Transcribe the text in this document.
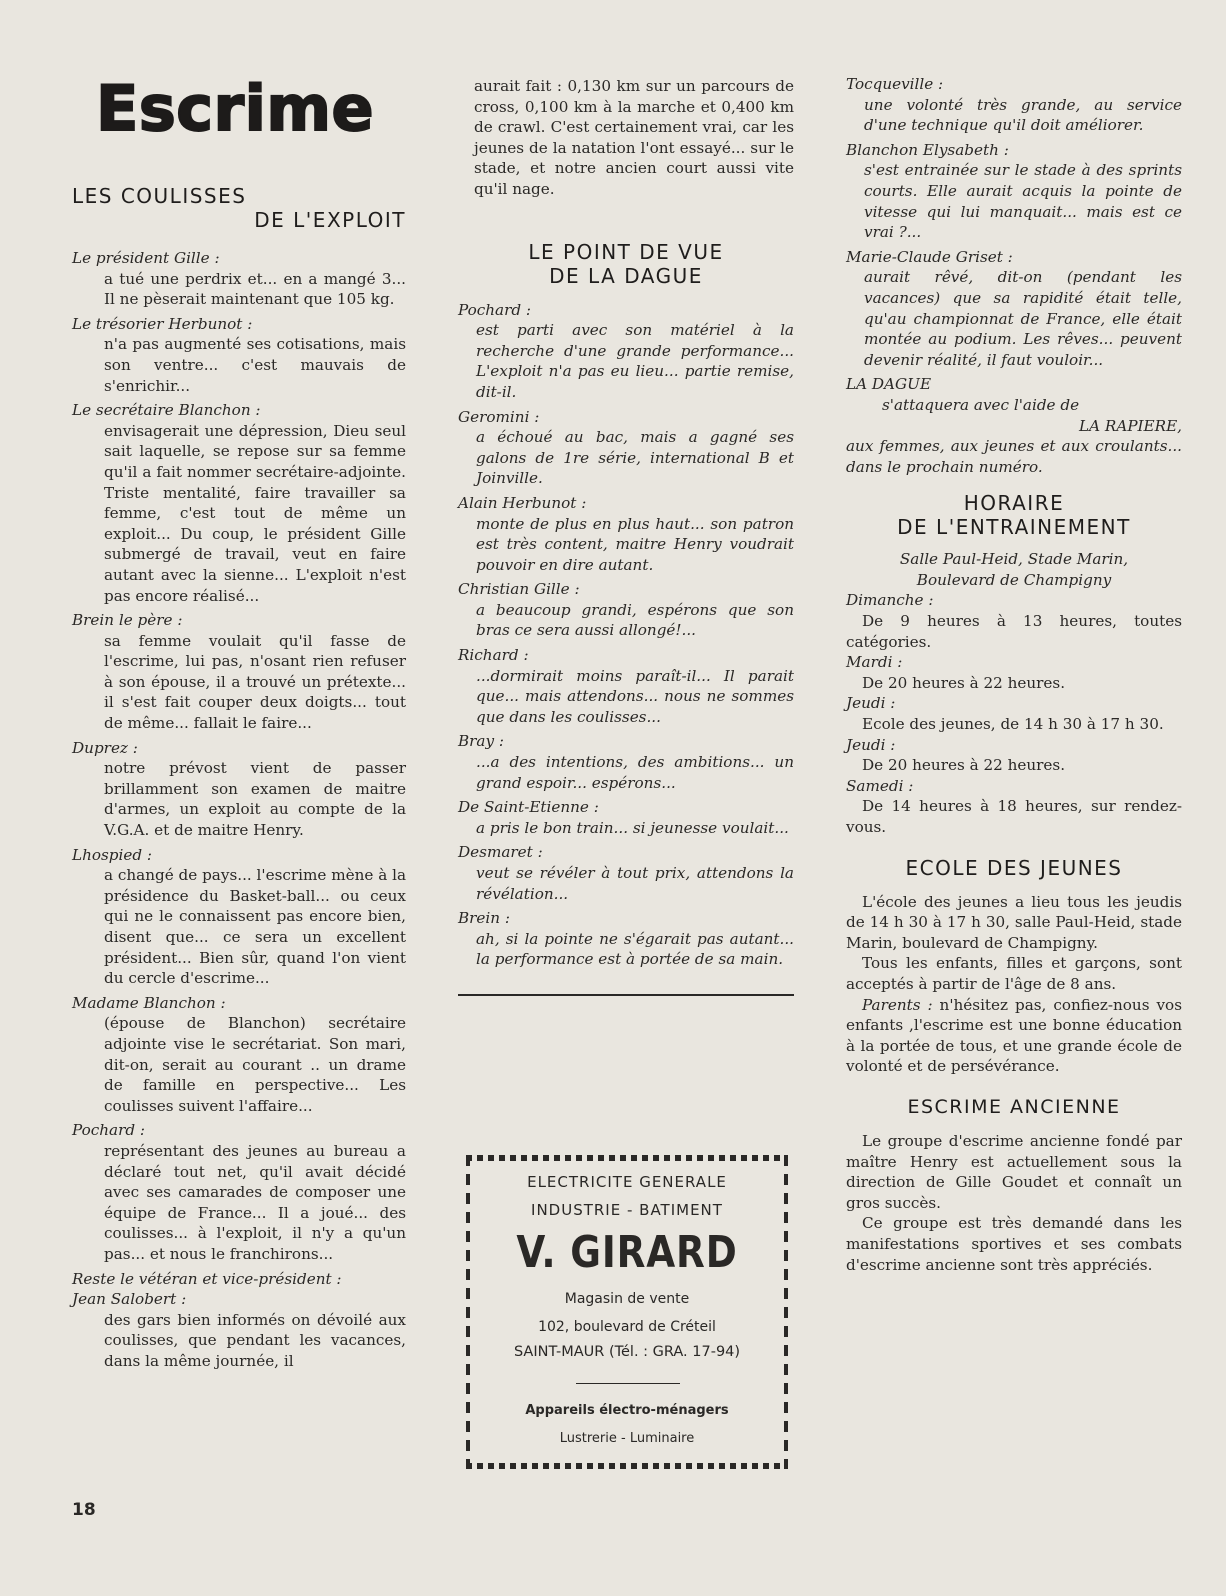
Escrime
LES COULISSES
DE L'EXPLOIT
Le président Gille :
a tué une perdrix et... en a mangé 3... Il ne pèserait maintenant que 105 kg.
Le trésorier Herbunot :
n'a pas augmenté ses cotisations, mais son ventre... c'est mauvais de s'enrichir...
Le secrétaire Blanchon :
envisagerait une dépression, Dieu seul sait laquelle, se repose sur sa femme qu'il a fait nommer secrétaire-adjointe. Triste mentalité, faire travailler sa femme, c'est tout de même un exploit... Du coup, le président Gille submergé de travail, veut en faire autant avec la sienne... L'exploit n'est pas encore réalisé...
Brein le père :
sa femme voulait qu'il fasse de l'escrime, lui pas, n'osant rien refuser à son épouse, il a trouvé un prétexte... il s'est fait couper deux doigts... tout de même... fallait le faire...
Duprez :
notre prévost vient de passer brillamment son examen de maitre d'armes, un exploit au compte de la V.G.A. et de maitre Henry.
Lhospied :
a changé de pays... l'escrime mène à la présidence du Basket-ball... ou ceux qui ne le connaissent pas encore bien, disent que... ce sera un excellent président... Bien sûr, quand l'on vient du cercle d'escrime...
Madame Blanchon :
(épouse de Blanchon) secrétaire adjointe vise le secrétariat. Son mari, dit-on, serait au courant .. un drame de famille en perspective... Les coulisses suivent l'affaire...
Pochard :
représentant des jeunes au bureau a déclaré tout net, qu'il avait décidé avec ses camarades de composer une équipe de France... Il a joué... des coulisses... à l'exploit, il n'y a qu'un pas... et nous le franchirons...
Reste le vétéran et vice-président :
Jean Salobert :
des gars bien informés on dévoilé aux coulisses, que pendant les vacances, dans la même journée, il
aurait fait : 0,130 km sur un parcours de cross, 0,100 km à la marche et 0,400 km de crawl. C'est certainement vrai, car les jeunes de la natation l'ont essayé... sur le stade, et notre ancien court aussi vite qu'il nage.
LE POINT DE VUE
DE LA DAGUE
Pochard :
est parti avec son matériel à la recherche d'une grande performance... L'exploit n'a pas eu lieu... partie remise, dit-il.
Geromini :
a échoué au bac, mais a gagné ses galons de 1re série, international B et Joinville.
Alain Herbunot :
monte de plus en plus haut... son patron est très content, maitre Henry voudrait pouvoir en dire autant.
Christian Gille :
a beaucoup grandi, espérons que son bras ce sera aussi allongé!...
Richard :
...dormirait moins paraît-il... Il parait que... mais attendons... nous ne sommes que dans les coulisses...
Bray :
...a des intentions, des ambitions... un grand espoir... espérons...
De Saint-Etienne :
a pris le bon train... si jeunesse voulait...
Desmaret :
veut se révéler à tout prix, attendons la révélation...
Brein :
ah, si la pointe ne s'égarait pas autant... la performance est à portée de sa main.
ELECTRICITE GENERALE
INDUSTRIE - BATIMENT
V. GIRARD
Magasin de vente
102, boulevard de Créteil
SAINT-MAUR (Tél. : GRA. 17-94)
Appareils électro-ménagers
Lustrerie - Luminaire
Tocqueville :
une volonté très grande, au service d'une technique qu'il doit améliorer.
Blanchon Elysabeth :
s'est entrainée sur le stade à des sprints courts. Elle aurait acquis la pointe de vitesse qui lui manquait... mais est ce vrai ?...
Marie-Claude Griset :
aurait rêvé, dit-on (pendant les vacances) que sa rapidité était telle, qu'au championnat de France, elle était montée au podium. Les rêves... peuvent devenir réalité, il faut vouloir...
LA DAGUE
s'attaquera avec l'aide de
LA RAPIERE,
aux femmes, aux jeunes et aux croulants... dans le prochain numéro.
HORAIRE
DE L'ENTRAINEMENT
Salle Paul-Heid, Stade Marin,
Boulevard de Champigny
Dimanche :
De 9 heures à 13 heures, toutes catégories.
Mardi :
De 20 heures à 22 heures.
Jeudi :
Ecole des jeunes, de 14 h 30 à 17 h 30.
Jeudi :
De 20 heures à 22 heures.
Samedi :
De 14 heures à 18 heures, sur rendez-vous.
ECOLE DES JEUNES
L'école des jeunes a lieu tous les jeudis de 14 h 30 à 17 h 30, salle Paul-Heid, stade Marin, boulevard de Champigny.
Tous les enfants, filles et garçons, sont acceptés à partir de l'âge de 8 ans.
Parents : n'hésitez pas, confiez-nous vos enfants ,l'escrime est une bonne éducation à la portée de tous, et une grande école de volonté et de persévérance.
ESCRIME ANCIENNE
Le groupe d'escrime ancienne fondé par maître Henry est actuellement sous la direction de Gille Goudet et connaît un gros succès.
Ce groupe est très demandé dans les manifestations sportives et ses combats d'escrime ancienne sont très appréciés.
18
